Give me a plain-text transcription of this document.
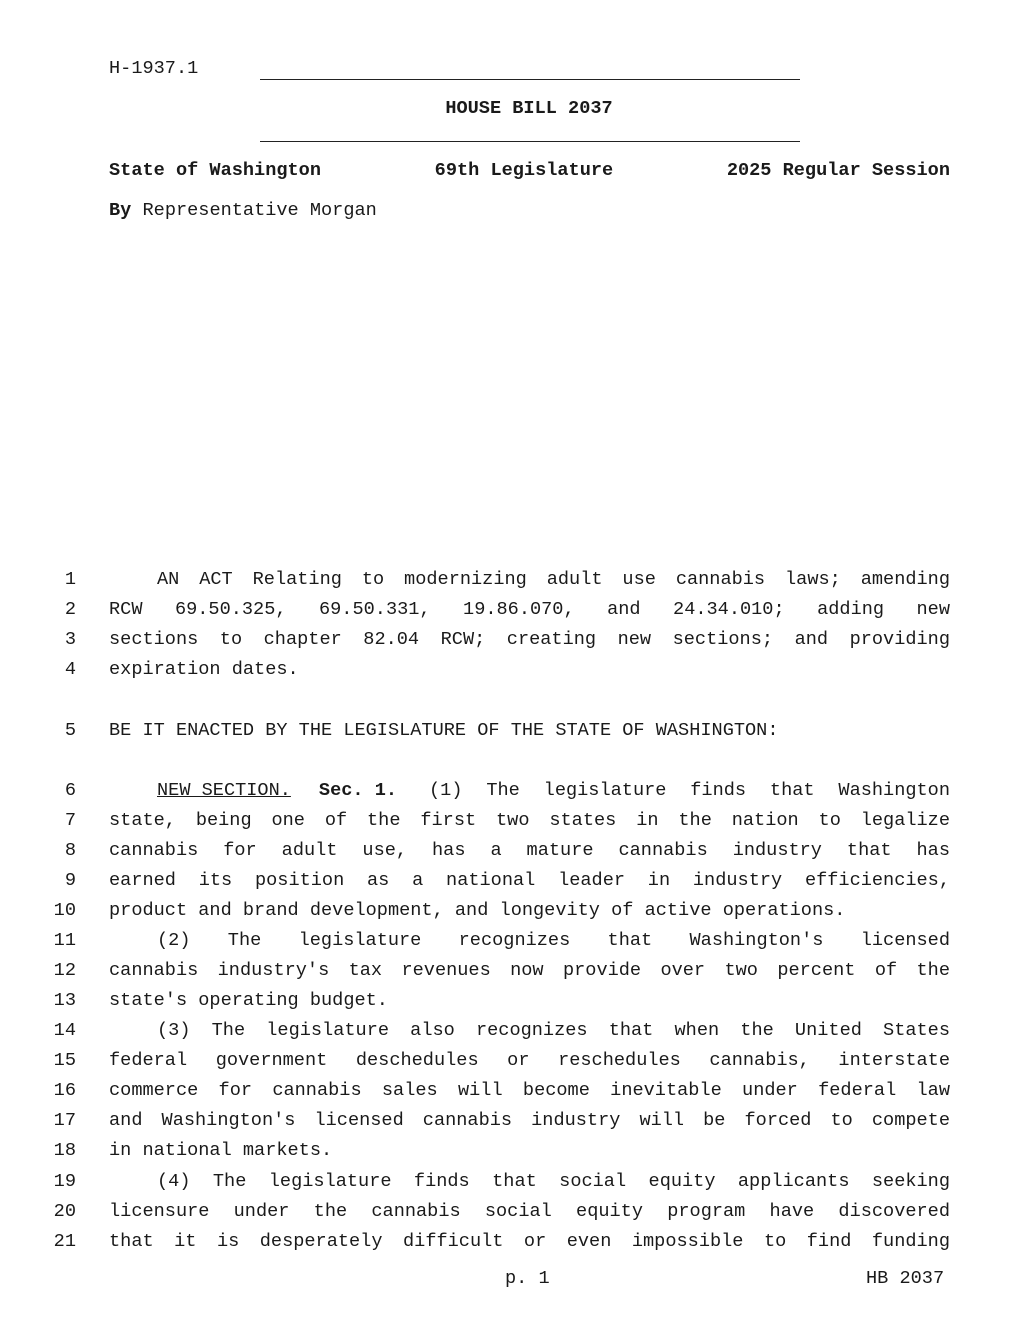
H-1937.1
HOUSE BILL 2037
State of Washington	69th Legislature	2025 Regular Session
By Representative Morgan
1	AN ACT Relating to modernizing adult use cannabis laws; amending
2 RCW 69.50.325, 69.50.331, 19.86.070, and 24.34.010; adding new
3 sections to chapter 82.04 RCW; creating new sections; and providing
4 expiration dates.
5 BE IT ENACTED BY THE LEGISLATURE OF THE STATE OF WASHINGTON:
6	NEW SECTION. Sec. 1.	(1) The legislature finds that Washington
7 state, being one of the first two states in the nation to legalize
8 cannabis for adult use, has a mature cannabis industry that has
9 earned its position as a national leader in industry efficiencies,
10 product and brand development, and longevity of active operations.
11	(2) The legislature recognizes that Washington's licensed
12 cannabis industry's tax revenues now provide over two percent of the
13 state's operating budget.
14	(3) The legislature also recognizes that when the United States
15 federal government deschedules or reschedules cannabis, interstate
16 commerce for cannabis sales will become inevitable under federal law
17 and Washington's licensed cannabis industry will be forced to compete
18 in national markets.
19	(4) The legislature finds that social equity applicants seeking
20 licensure under the cannabis social equity program have discovered
21 that it is desperately difficult or even impossible to find funding
p. 1	HB 2037
